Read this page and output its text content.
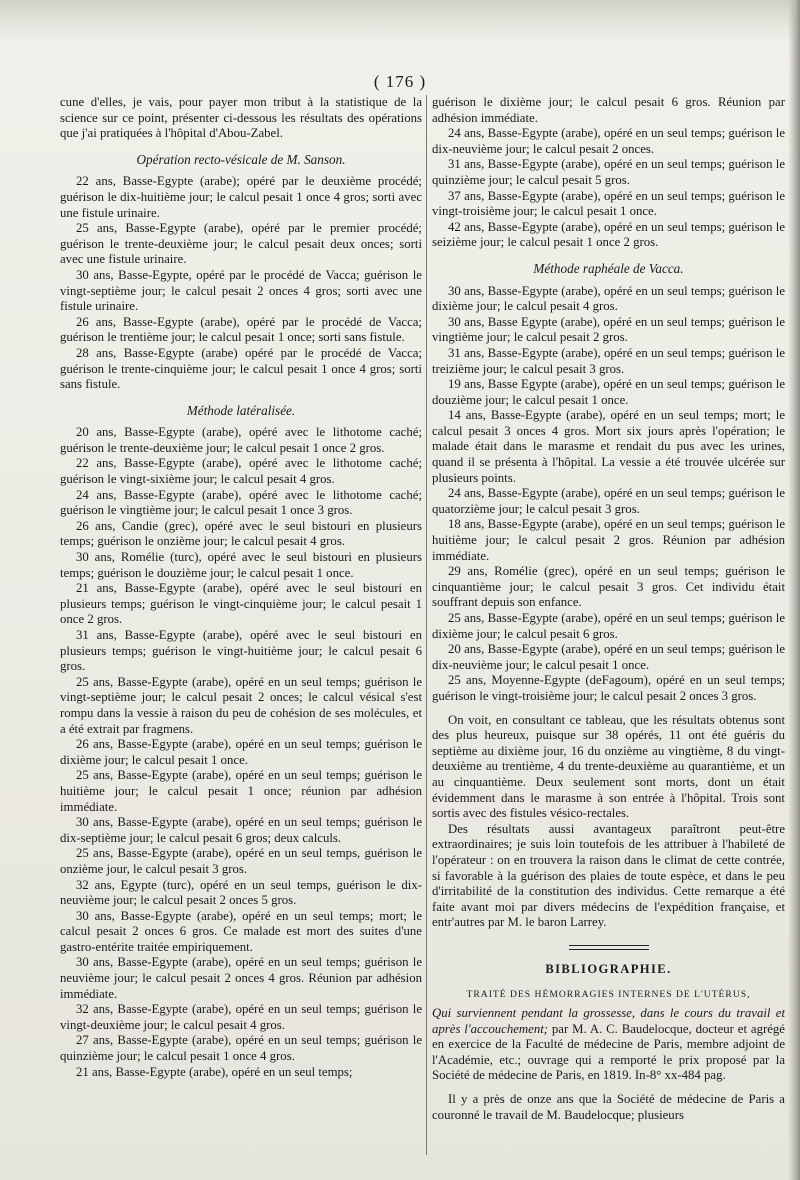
( 176 )

cune d'elles, je vais, pour payer mon tribut à la statistique de la science sur ce point, présenter ci-dessous les résultats des opérations que j'ai pratiquées à l'hôpital d'Abou-Zabel.

Opération recto-vésicale de M. Sanson.

22 ans, Basse-Egypte (arabe); opéré par le deuxième procédé; guérison le dix-huitième jour; le calcul pesait 1 once 4 gros; sorti avec une fistule urinaire.

25 ans, Basse-Egypte (arabe), opéré par le premier procédé; guérison le trente-deuxième jour; le calcul pesait deux onces; sorti avec une fistule urinaire.

30 ans, Basse-Egypte, opéré par le procédé de Vacca; guérison le vingt-septième jour; le calcul pesait 2 onces 4 gros; sorti avec une fistule urinaire.

26 ans, Basse-Egypte (arabe), opéré par le procédé de Vacca; guérison le trentième jour; le calcul pesait 1 once; sorti sans fistule.

28 ans, Basse-Egypte (arabe) opéré par le procédé de Vacca; guérison le trente-cinquième jour; le calcul pesait 1 once 4 gros; sorti sans fistule.

Méthode latéralisée.

20 ans, Basse-Egypte (arabe), opéré avec le lithotome caché; guérison le trente-deuxième jour; le calcul pesait 1 once 2 gros.

22 ans, Basse-Egypte (arabe), opéré avec le lithotome caché; guérison le vingt-sixième jour; le calcul pesait 4 gros.

24 ans, Basse-Egypte (arabe), opéré avec le lithotome caché; guérison le vingtième jour; le calcul pesait 1 once 3 gros.

26 ans, Candie (grec), opéré avec le seul bistouri en plusieurs temps; guérison le onzième jour; le calcul pesait 4 gros.

30 ans, Romélie (turc), opéré avec le seul bistouri en plusieurs temps; guérison le douzième jour; le calcul pesait 1 once.

21 ans, Basse-Egypte (arabe), opéré avec le seul bistouri en plusieurs temps; guérison le vingt-cinquième jour; le calcul pesait 1 once 2 gros.

31 ans, Basse-Egypte (arabe), opéré avec le seul bistouri en plusieurs temps; guérison le vingt-huitième jour; le calcul pesait 6 gros.

25 ans, Basse-Egypte (arabe), opéré en un seul temps; guérison le vingt-septième jour; le calcul pesait 2 onces; le calcul vésical s'est rompu dans la vessie à raison du peu de cohésion de ses molécules, et a été extrait par fragmens.

26 ans, Basse-Egypte (arabe), opéré en un seul temps; guérison le dixième jour; le calcul pesait 1 once.

25 ans, Basse-Egypte (arabe), opéré en un seul temps; guérison le huitième jour; le calcul pesait 1 once; réunion par adhésion immédiate.

30 ans, Basse-Egypte (arabe), opéré en un seul temps; guérison le dix-septième jour; le calcul pesait 6 gros; deux calculs.

25 ans, Basse-Egypte (arabe), opéré en un seul temps, guérison le onzième jour, le calcul pesait 3 gros.

32 ans, Egypte (turc), opéré en un seul temps, guérison le dix-neuvième jour; le calcul pesait 2 onces 5 gros.

30 ans, Basse-Egypte (arabe), opéré en un seul temps; mort; le calcul pesait 2 onces 6 gros. Ce malade est mort des suites d'une gastro-entérite traitée empiriquement.

30 ans, Basse-Egypte (arabe), opéré en un seul temps; guérison le neuvième jour; le calcul pesait 2 onces 4 gros. Réunion par adhésion immédiate.

32 ans, Basse-Egypte (arabe), opéré en un seul temps; guérison le vingt-deuxième jour; le calcul pesait 4 gros.

27 ans, Basse-Egypte (arabe), opéré en un seul temps; guérison le quinzième jour; le calcul pesait 1 once 4 gros.

21 ans, Basse-Egypte (arabe), opéré en un seul temps;

guérison le dixième jour; le calcul pesait 6 gros. Réunion par adhésion immédiate.

24 ans, Basse-Egypte (arabe), opéré en un seul temps; guérison le dix-neuvième jour; le calcul pesait 2 onces.

31 ans, Basse-Egypte (arabe), opéré en un seul temps; guérison le quinzième jour; le calcul pesait 5 gros.

37 ans, Basse-Egypte (arabe), opéré en un seul temps; guérison le vingt-troisième jour; le calcul pesait 1 once.

42 ans, Basse-Egypte (arabe), opéré en un seul temps; guérison le seizième jour; le calcul pesait 1 once 2 gros.

Méthode raphéale de Vacca.

30 ans, Basse-Egypte (arabe), opéré en un seul temps; guérison le dixième jour; le calcul pesait 4 gros.

30 ans, Basse Egypte (arabe), opéré en un seul temps; guérison le vingtième jour; le calcul pesait 2 gros.

31 ans, Basse-Egypte (arabe), opéré en un seul temps; guérison le treizième jour; le calcul pesait 3 gros.

19 ans, Basse Egypte (arabe), opéré en un seul temps; guérison le douzième jour; le calcul pesait 1 once.

14 ans, Basse-Egypte (arabe), opéré en un seul temps; mort; le calcul pesait 3 onces 4 gros. Mort six jours après l'opération; le malade était dans le marasme et rendait du pus avec les urines, quand il se présenta à l'hôpital. La vessie a été trouvée ulcérée sur plusieurs points.

24 ans, Basse-Egypte (arabe), opéré en un seul temps; guérison le quatorzième jour; le calcul pesait 3 gros.

18 ans, Basse-Egypte (arabe), opéré en un seul temps; guérison le huitième jour; le calcul pesait 2 gros. Réunion par adhésion immédiate.

29 ans, Romélie (grec), opéré en un seul temps; guérison le cinquantième jour; le calcul pesait 3 gros. Cet individu était souffrant depuis son enfance.

25 ans, Basse-Egypte (arabe), opéré en un seul temps; guérison le dixième jour; le calcul pesait 6 gros.

20 ans, Basse-Egypte (arabe), opéré en un seul temps; guérison le dix-neuvième jour; le calcul pesait 1 once.

25 ans, Moyenne-Egypte (deFagoum), opéré en un seul temps; guérison le vingt-troisième jour; le calcul pesait 2 onces 3 gros.

On voit, en consultant ce tableau, que les résultats obtenus sont des plus heureux, puisque sur 38 opérés, 11 ont été guéris du septième au dixième jour, 16 du onzième au vingtième, 8 du vingt-deuxième au trentième, 4 du trente-deuxième au quarantième, et un au cinquantième. Deux seulement sont morts, dont un était évidemment dans le marasme à son entrée à l'hôpital. Trois sont sortis avec des fistules vésico-rectales.

Des résultats aussi avantageux paraîtront peut-être extraordinaires; je suis loin toutefois de les attribuer à l'habileté de l'opérateur : on en trouvera la raison dans le climat de cette contrée, si favorable à la guérison des plaies de toute espèce, et dans le peu d'irritabilité de la constitution des individus. Cette remarque a été faite avant moi par divers médecins de l'expédition française, et entr'autres par M. le baron Larrey.

BIBLIOGRAPHIE.

TRAITÉ DES HÉMORRAGIES INTERNES DE L'UTÉRUS,

Qui surviennent pendant la grossesse, dans le cours du travail et après l'accouchement; par M. A. C. Baudelocque, docteur et agrégé en exercice de la Faculté de médecine de Paris, membre adjoint de l'Académie, etc.; ouvrage qui a remporté le prix proposé par la Société de médecine de Paris, en 1819. In-8° xx-484 pag.

Il y a près de onze ans que la Société de médecine de Paris a couronné le travail de M. Baudelocque; plusieurs
